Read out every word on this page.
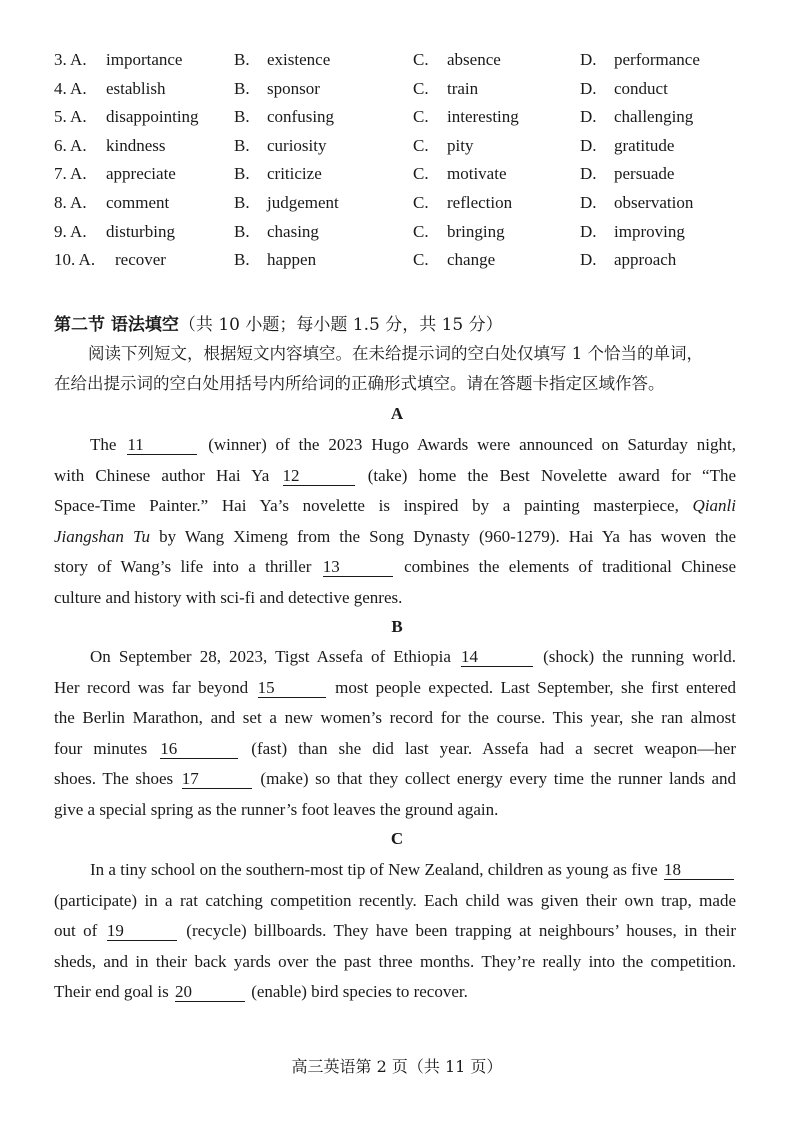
3. A. importance	B. existence	C. absence	D. performance
4. A. establish	B. sponsor	C. train	D. conduct
5. A. disappointing B. confusing	C. interesting	D. challenging
6. A. kindness	B. curiosity	C. pity	D. gratitude
7. A. appreciate	B. criticize	C. motivate	D. persuade
8. A. comment	B. judgement	C. reflection	D. observation
9. A. disturbing	B. chasing	C. bringing	D. improving
10. A. recover	B. happen	C. change	D. approach
第二节 语法填空（共 10 小题；每小题 1.5 分，共 15 分）
阅读下列短文，根据短文内容填空。在未给提示词的空白处仅填写 1 个恰当的单词，
在给出提示词的空白处用括号内所给词的正确形式填空。请在答题卡指定区域作答。
A
The 11	(winner) of the 2023 Hugo Awards were announced on Saturday night,
with Chinese author Hai Ya 12	(take) home the Best Novelette award for “The
Space-Time Painter.” Hai Ya’s novelette is inspired by a painting masterpiece, Qianli
Jiangshan Tu by Wang Ximeng from the Song Dynasty (960-1279). Hai Ya has woven the
story of Wang’s life into a thriller 13	combines the elements of traditional Chinese
culture and history with sci-fi and detective genres.
B
On September 28, 2023, Tigst Assefa of Ethiopia 14	(shock) the running world.
Her record was far beyond 15	most people expected. Last September, she first entered
the Berlin Marathon, and set a new women’s record for the course. This year, she ran almost
four minutes 16	(fast) than she did last year. Assefa had a secret weapon—her
shoes. The shoes 17	(make) so that they collect energy every time the runner lands and
give a special spring as the runner’s foot leaves the ground again.
C
In a tiny school on the southern-most tip of New Zealand, children as young as five 18
(participate) in a rat catching competition recently. Each child was given their own trap, made
out of 19	(recycle) billboards. They have been trapping at neighbours’ houses, in their
sheds, and in their back yards over the past three months. They’re really into the competition.
Their end goal is 20	(enable) bird species to recover.
高三英语第 2 页（共 11 页）
